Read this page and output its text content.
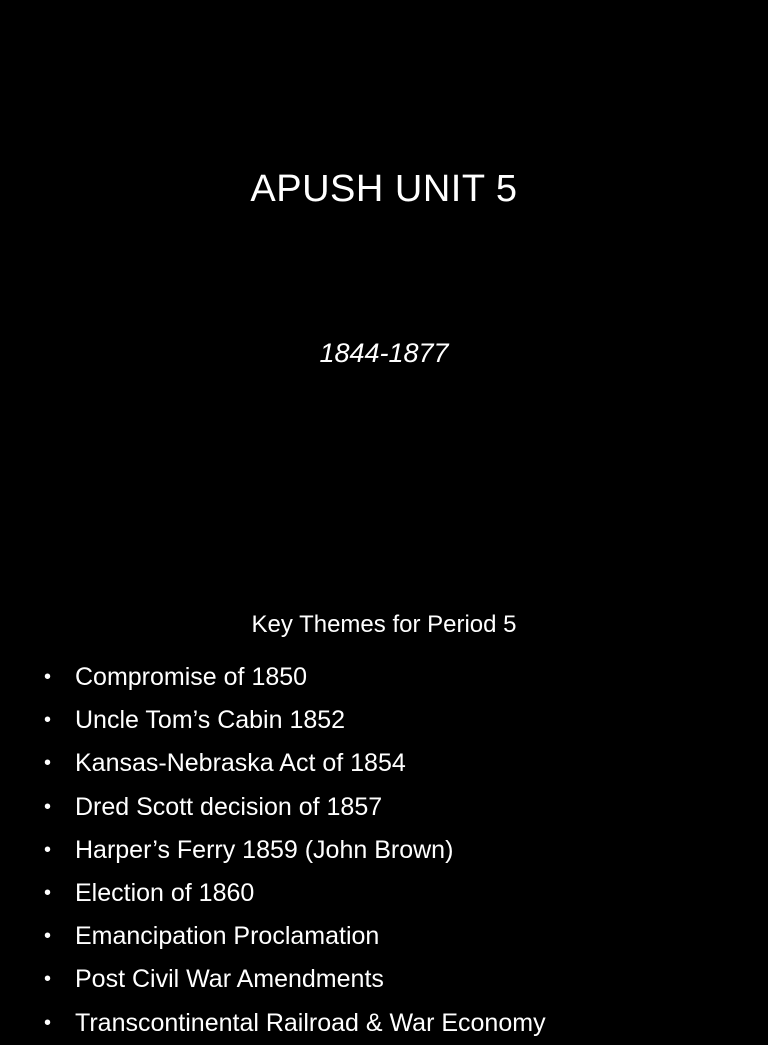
APUSH UNIT 5
1844-1877
Key Themes for Period 5
• Compromise of 1850
• Uncle Tom’s Cabin 1852
• Kansas-Nebraska Act of 1854
• Dred Scott decision of 1857
• Harper’s Ferry 1859 (John Brown)
• Election of 1860
• Emancipation Proclamation
• Post Civil War Amendments
• Transcontinental Railroad & War Economy
